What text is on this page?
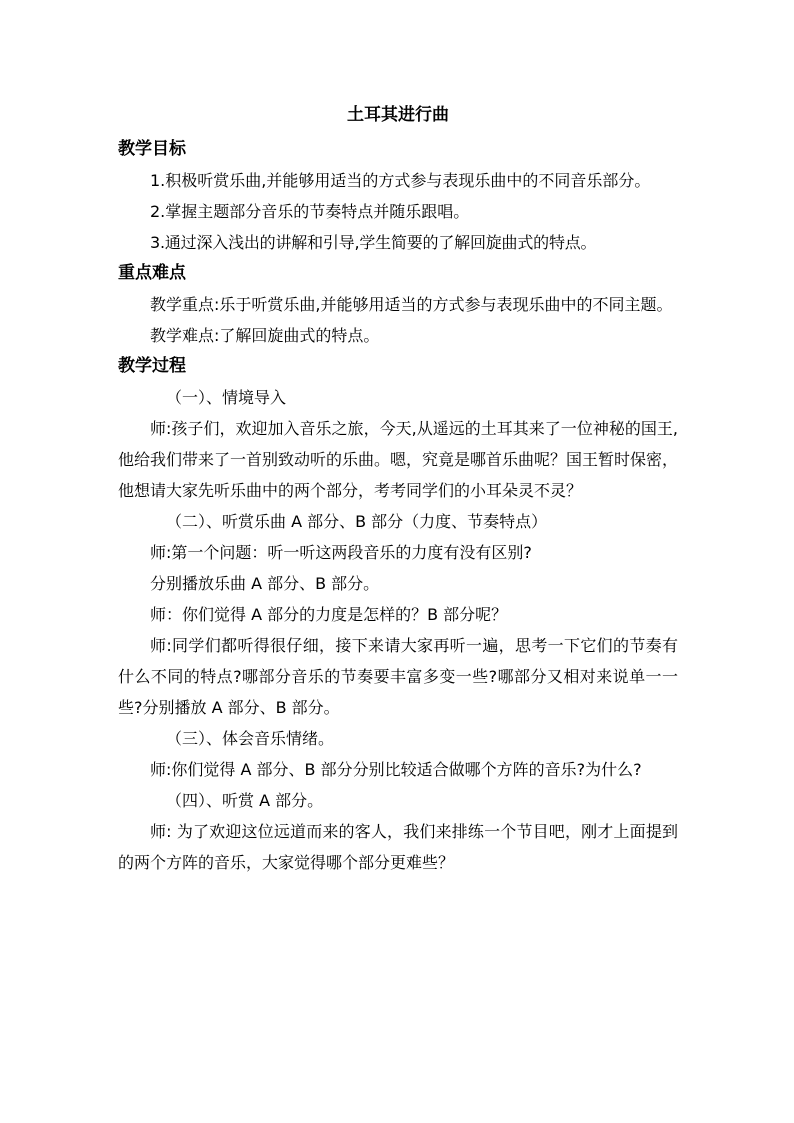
土耳其进行曲

教学目标

1.积极听赏乐曲,并能够用适当的方式参与表现乐曲中的不同音乐部分。

2.掌握主题部分音乐的节奏特点并随乐跟唱。

3.通过深入浅出的讲解和引导,学生简要的了解回旋曲式的特点。

重点难点

教学重点:乐于听赏乐曲,并能够用适当的方式参与表现乐曲中的不同主题。

教学难点:了解回旋曲式的特点。

教学过程

（一）、情境导入

师:孩子们，欢迎加入音乐之旅，今天,从遥远的土耳其来了一位神秘的国王,他给我们带来了一首别致动听的乐曲。嗯，究竟是哪首乐曲呢？国王暂时保密，他想请大家先听乐曲中的两个部分，考考同学们的小耳朵灵不灵？

（二）、听赏乐曲 A 部分、B 部分（力度、节奏特点）

师:第一个问题：听一听这两段音乐的力度有没有区别?

分别播放乐曲 A 部分、B 部分。

师：你们觉得 A 部分的力度是怎样的？B 部分呢？

师:同学们都听得很仔细，接下来请大家再听一遍，思考一下它们的节奏有什么不同的特点?哪部分音乐的节奏要丰富多变一些?哪部分又相对来说单一一些?分别播放 A 部分、B 部分。

（三）、体会音乐情绪。

师:你们觉得 A 部分、B 部分分别比较适合做哪个方阵的音乐?为什么?

（四）、听赏 A 部分。

师: 为了欢迎这位远道而来的客人，我们来排练一个节目吧，刚才上面提到的两个方阵的音乐，大家觉得哪个部分更难些？
